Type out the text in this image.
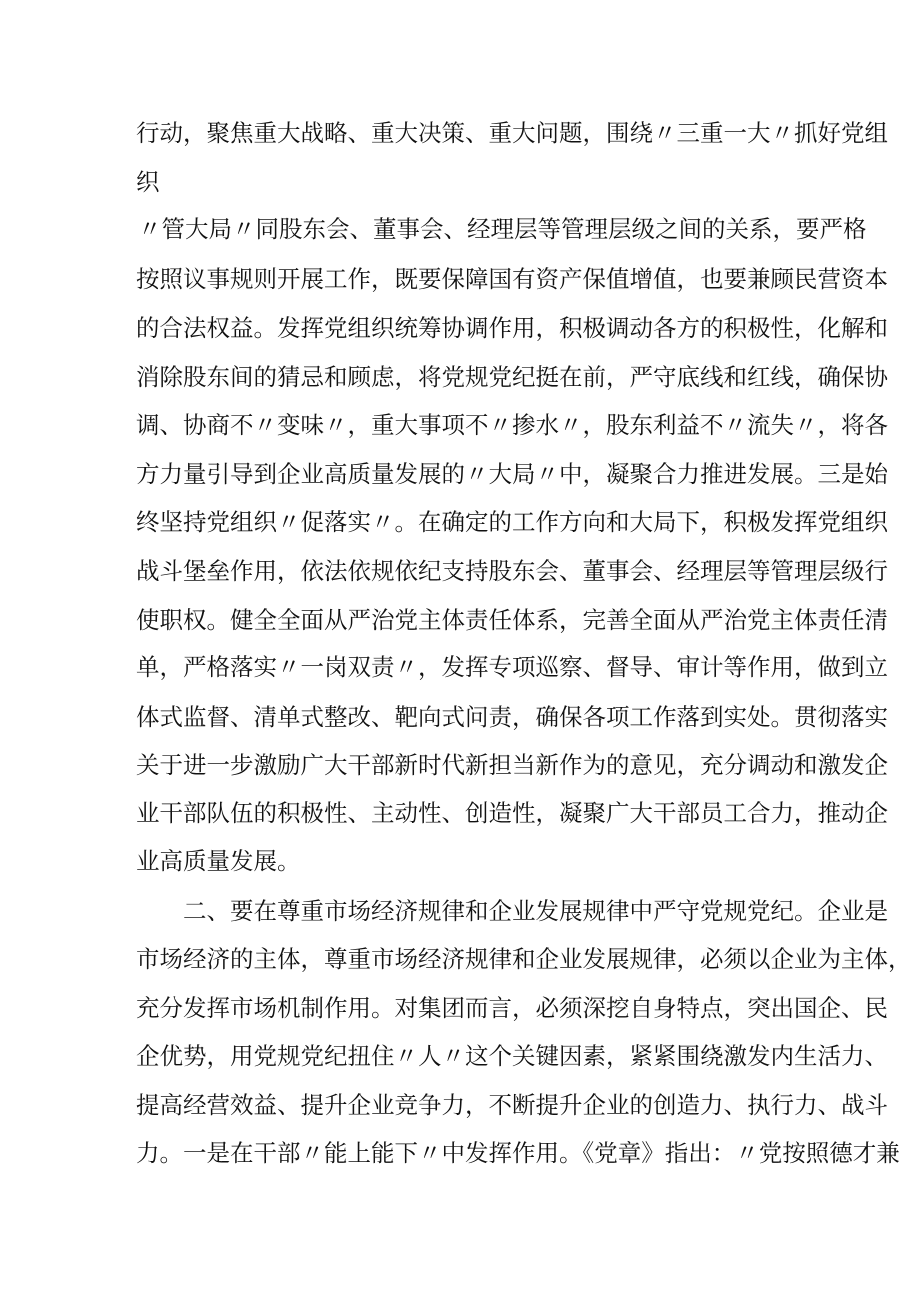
行动，聚焦重大战略、重大决策、重大问题，围绕〃三重一大〃抓好党组
织
〃管大局〃同股东会、董事会、经理层等管理层级之间的关系，要严格
按照议事规则开展工作，既要保障国有资产保值增值，也要兼顾民营资本
的合法权益。发挥党组织统筹协调作用，积极调动各方的积极性，化解和
消除股东间的猜忌和顾虑，将党规党纪挺在前，严守底线和红线，确保协
调、协商不〃变味〃，重大事项不〃掺水〃，股东利益不〃流失〃，将各
方力量引导到企业高质量发展的〃大局〃中，凝聚合力推进发展。三是始
终坚持党组织〃促落实〃。在确定的工作方向和大局下，积极发挥党组织
战斗堡垒作用，依法依规依纪支持股东会、董事会、经理层等管理层级行
使职权。健全全面从严治党主体责任体系，完善全面从严治党主体责任清
单，严格落实〃一岗双责〃，发挥专项巡察、督导、审计等作用，做到立
体式监督、清单式整改、靶向式问责，确保各项工作落到实处。贯彻落实
关于进一步激励广大干部新时代新担当新作为的意见，充分调动和激发企
业干部队伍的积极性、主动性、创造性，凝聚广大干部员工合力，推动企
业高质量发展。
二、要在尊重市场经济规律和企业发展规律中严守党规党纪。企业是
市场经济的主体，尊重市场经济规律和企业发展规律，必须以企业为主体，
充分发挥市场机制作用。对集团而言，必须深挖自身特点，突出国企、民
企优势，用党规党纪扭住〃人〃这个关键因素，紧紧围绕激发内生活力、
提高经营效益、提升企业竞争力，不断提升企业的创造力、执行力、战斗
力。一是在干部〃能上能下〃中发挥作用。《党章》指出：〃党按照德才兼
